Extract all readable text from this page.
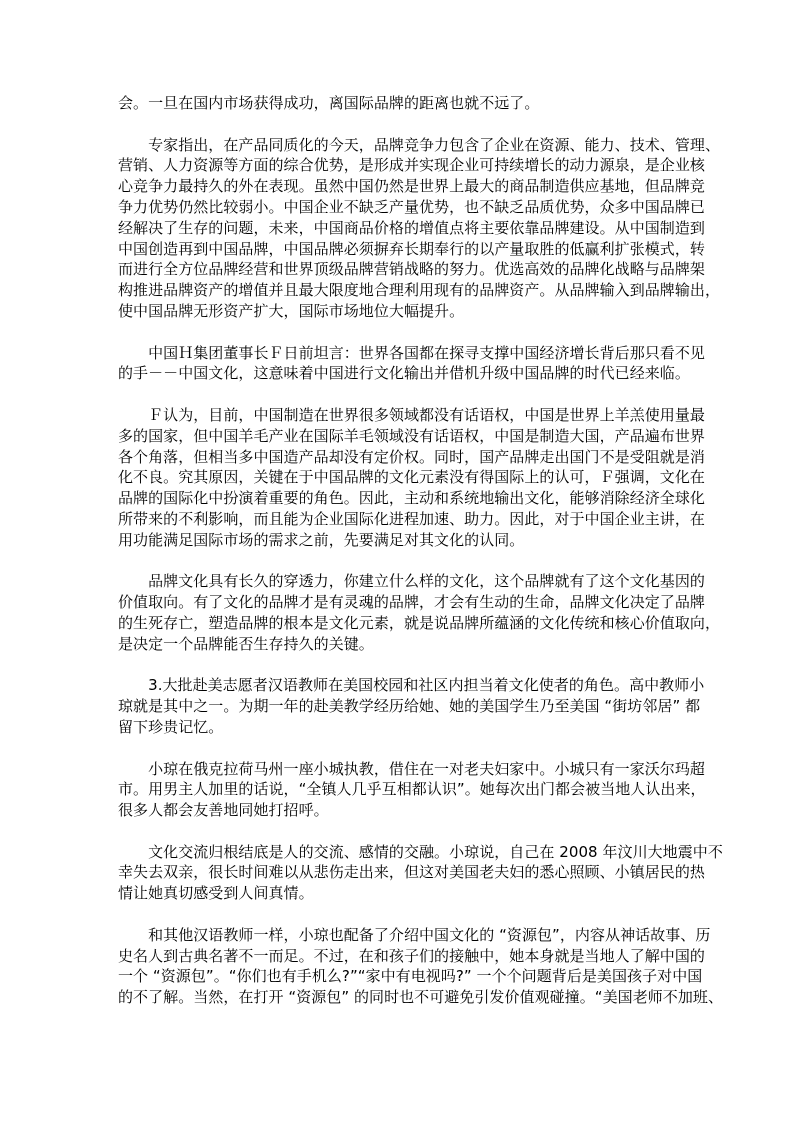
会。一旦在国内市场获得成功，离国际品牌的距离也就不远了。
　　专家指出，在产品同质化的今天，品牌竞争力包含了企业在资源、能力、技术、管理、
营销、人力资源等方面的综合优势，是形成并实现企业可持续增长的动力源泉，是企业核
心竞争力最持久的外在表现。虽然中国仍然是世界上最大的商品制造供应基地，但品牌竞
争力优势仍然比较弱小。中国企业不缺乏产量优势，也不缺乏品质优势，众多中国品牌已
经解决了生存的问题，未来，中国商品价格的增值点将主要依靠品牌建设。从中国制造到
中国创造再到中国品牌，中国品牌必须摒弃长期奉行的以产量取胜的低赢利扩张模式，转
而进行全方位品牌经营和世界顶级品牌营销战略的努力。优选高效的品牌化战略与品牌架
构推进品牌资产的增值并且最大限度地合理利用现有的品牌资产。从品牌输入到品牌输出，
使中国品牌无形资产扩大，国际市场地位大幅提升。
　　中国Ｈ集团董事长Ｆ日前坦言：世界各国都在探寻支撑中国经济增长背后那只看不见
的手－－中国文化，这意味着中国进行文化输出并借机升级中国品牌的时代已经来临。
　　Ｆ认为，目前，中国制造在世界很多领域都没有话语权，中国是世界上羊羔使用量最
多的国家，但中国羊毛产业在国际羊毛领域没有话语权，中国是制造大国，产品遍布世界
各个角落，但相当多中国造产品却没有定价权。同时，国产品牌走出国门不是受阻就是消
化不良。究其原因，关键在于中国品牌的文化元素没有得国际上的认可，Ｆ强调，文化在
品牌的国际化中扮演着重要的角色。因此，主动和系统地输出文化，能够消除经济全球化
所带来的不利影响，而且能为企业国际化进程加速、助力。因此，对于中国企业主讲，在
用功能满足国际市场的需求之前，先要满足对其文化的认同。
　　品牌文化具有长久的穿透力，你建立什么样的文化，这个品牌就有了这个文化基因的
价值取向。有了文化的品牌才是有灵魂的品牌，才会有生动的生命，品牌文化决定了品牌
的生死存亡，塑造品牌的根本是文化元素，就是说品牌所蕴涵的文化传统和核心价值取向，
是决定一个品牌能否生存持久的关键。
　　3.大批赴美志愿者汉语教师在美国校园和社区内担当着文化使者的角色。高中教师小
琼就是其中之一。为期一年的赴美教学经历给她、她的美国学生乃至美国 “街坊邻居” 都
留下珍贵记忆。
　　小琼在俄克拉荷马州一座小城执教，借住在一对老夫妇家中。小城只有一家沃尔玛超
市。用男主人加里的话说，“全镇人几乎互相都认识”。她每次出门都会被当地人认出来，
很多人都会友善地同她打招呼。
　　文化交流归根结底是人的交流、感情的交融。小琼说，自己在 2008 年汶川大地震中不
幸失去双亲，很长时间难以从悲伤走出来，但这对美国老夫妇的悉心照顾、小镇居民的热
情让她真切感受到人间真情。
　　和其他汉语教师一样，小琼也配备了介绍中国文化的 “资源包”，内容从神话故事、历
史名人到古典名著不一而足。不过，在和孩子们的接触中，她本身就是当地人了解中国的
一个 “资源包”。“你们也有手机么?”“家中有电视吗?” 一个个问题背后是美国孩子对中国
的不了解。当然，在打开 “资源包” 的同时也不可避免引发价值观碰撞。“美国老师不加班、
